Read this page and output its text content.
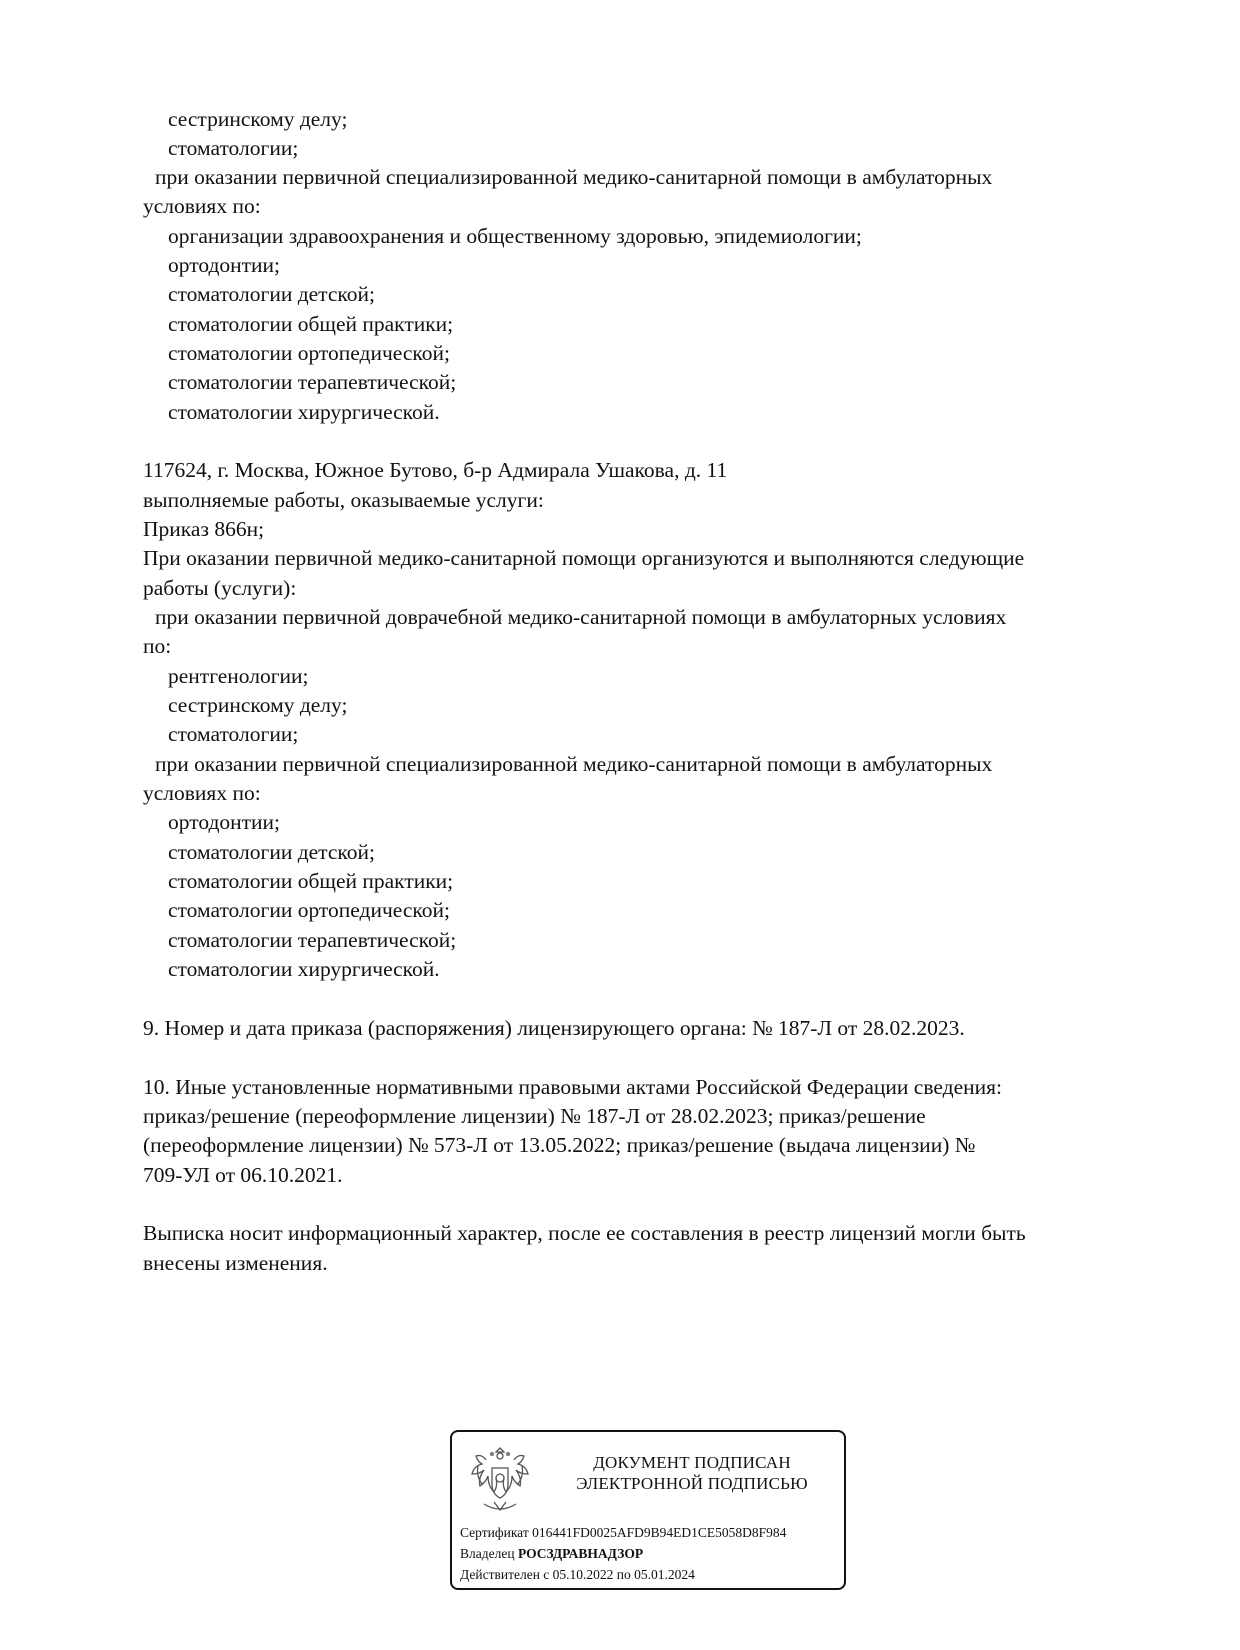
сестринскому делу;
стоматологии;
при оказании первичной специализированной медико-санитарной помощи в амбулаторных
условиях по:
организации здравоохранения и общественному здоровью, эпидемиологии;
ортодонтии;
стоматологии детской;
стоматологии общей практики;
стоматологии ортопедической;
стоматологии терапевтической;
стоматологии хирургической.
117624, г. Москва, Южное Бутово, б-р Адмирала Ушакова, д. 11
выполняемые работы, оказываемые услуги:
Приказ 866н;
При оказании первичной медико-санитарной помощи организуются и выполняются следующие
работы (услуги):
при оказании первичной доврачебной медико-санитарной помощи в амбулаторных условиях
по:
рентгенологии;
сестринскому делу;
стоматологии;
при оказании первичной специализированной медико-санитарной помощи в амбулаторных
условиях по:
ортодонтии;
стоматологии детской;
стоматологии общей практики;
стоматологии ортопедической;
стоматологии терапевтической;
стоматологии хирургической.
9. Номер и дата приказа (распоряжения) лицензирующего органа: № 187-Л от 28.02.2023.
10. Иные установленные нормативными правовыми актами Российской Федерации сведения:
приказ/решение (переоформление лицензии) № 187-Л от 28.02.2023; приказ/решение
(переоформление лицензии) № 573-Л от 13.05.2022; приказ/решение (выдача лицензии) №
709-УЛ от 06.10.2021.
Выписка носит информационный характер, после ее составления в реестр лицензий могли быть
внесены изменения.
ДОКУМЕНТ ПОДПИСАН
ЭЛЕКТРОННОЙ ПОДПИСЬЮ
Сертификат 016441FD0025AFD9B94ED1CE5058D8F984
Владелец РОСЗДРАВНАДЗОР
Действителен с 05.10.2022 по 05.01.2024
